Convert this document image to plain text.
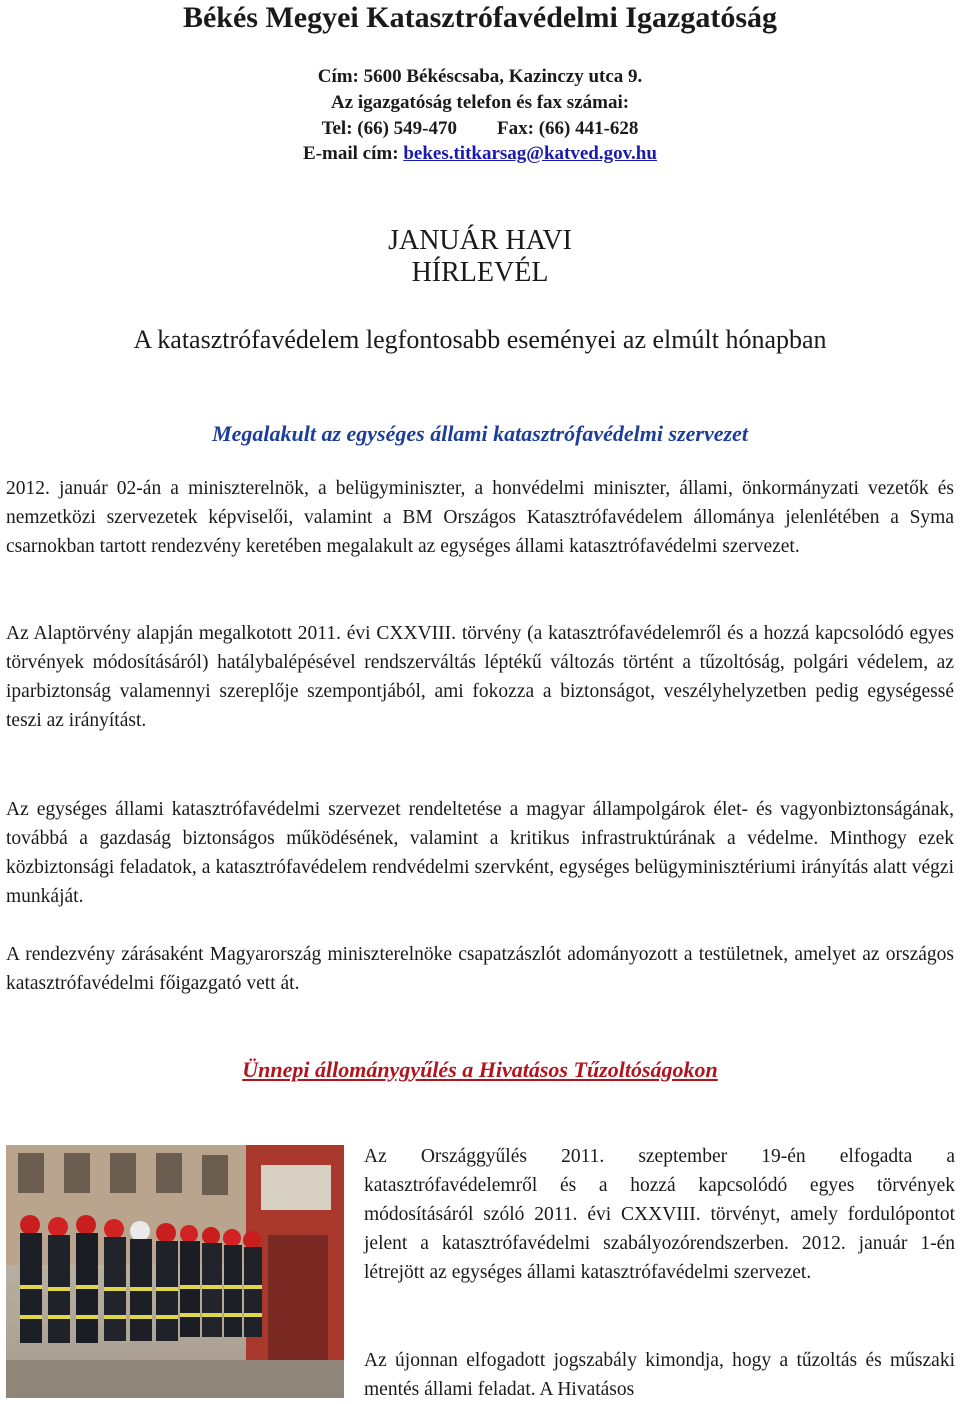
Békés Megyei Katasztrófavédelmi Igazgatóság
Cím: 5600 Békéscsaba, Kazinczy utca 9.
Az igazgatóság telefon és fax számai:
Tel: (66) 549-470 Fax: (66) 441-628
E-mail cím: bekes.titkarsag@katved.gov.hu
JANUÁR HAVI
HÍRLEVÉL
A katasztrófavédelem legfontosabb eseményei az elmúlt hónapban
Megalakult az egységes állami katasztrófavédelmi szervezet

2012. január 02-án a miniszterelnök, a belügyminiszter, a honvédelmi miniszter, állami, önkormányzati vezetők és nemzetközi szervezetek képviselői, valamint a BM Országos Katasztrófavédelem állománya jelenlétében a Syma csarnokban tartott rendezvény keretében megalakult az egységes állami katasztrófavédelmi szervezet.

Az Alaptörvény alapján megalkotott 2011. évi CXXVIII. törvény (a katasztrófavédelemről és a hozzá kapcsolódó egyes törvények módosításáról) hatálybalépésével rendszerváltás léptékű változás történt a tűzoltóság, polgári védelem, az iparbiztonság valamennyi szereplője szempontjából, ami fokozza a biztonságot, veszélyhelyzetben pedig egységessé teszi az irányítást.

Az egységes állami katasztrófavédelmi szervezet rendeltetése a magyar állampolgárok élet- és vagyonbiztonságának, továbbá a gazdaság biztonságos működésének, valamint a kritikus infrastruktúrának a védelme. Minthogy ezek közbiztonsági feladatok, a katasztrófavédelem rendvédelmi szervként, egységes belügyminisztériumi irányítás alatt végzi munkáját.

A rendezvény zárásaként Magyarország miniszterelnöke csapatzászlót adományozott a testületnek, amelyet az országos katasztrófavédelmi főigazgató vett át.

Ünnepi állománygyűlés a Hivatásos Tűzoltóságokon

Az Országgyűlés 2011. szeptember 19-én elfogadta a katasztrófavédelemről és a hozzá kapcsolódó egyes törvények módosításáról szóló 2011. évi CXXVIII. törvényt, amely fordulópontot jelent a katasztrófavédelmi szabályozórendszerben. 2012. január 1-én létrejött az egységes állami katasztrófavédelmi szervezet.

Az újonnan elfogadott jogszabály kimondja, hogy a tűzoltás és műszaki mentés állami feladat. A Hivatásos
